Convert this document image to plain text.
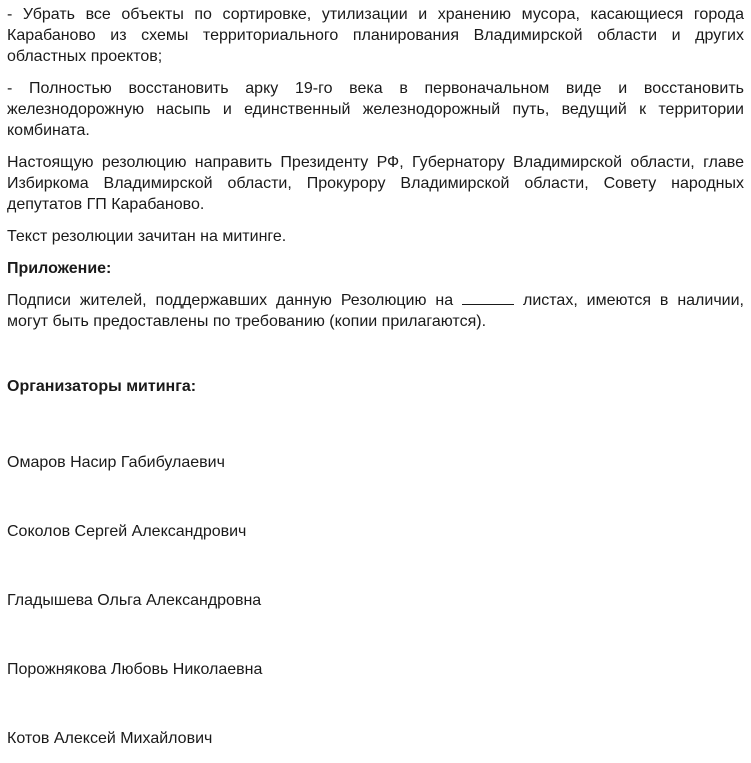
- Убрать все объекты по сортировке, утилизации и хранению мусора, касающиеся города Карабаново из схемы территориального планирования Владимирской области и других областных проектов;

- Полностью восстановить арку 19-го века в первоначальном виде и восстановить железнодорожную насыпь и единственный железнодорожный путь, ведущий к территории комбината.

Настоящую резолюцию направить Президенту РФ, Губернатору Владимирской области, главе Избиркома Владимирской области, Прокурору Владимирской области, Совету народных депутатов ГП Карабаново.

Текст резолюции зачитан на митинге.

Приложение:

Подписи жителей, поддержавших данную Резолюцию на	листах, имеются в наличии, могут быть предоставлены по требованию (копии прилагаются).

Организаторы митинга:

Омаров Насир Габибулаевич
Соколов Сергей Александрович
Гладышева Ольга Александровна
Порожнякова Любовь Николаевна
Котов Алексей Михайлович
